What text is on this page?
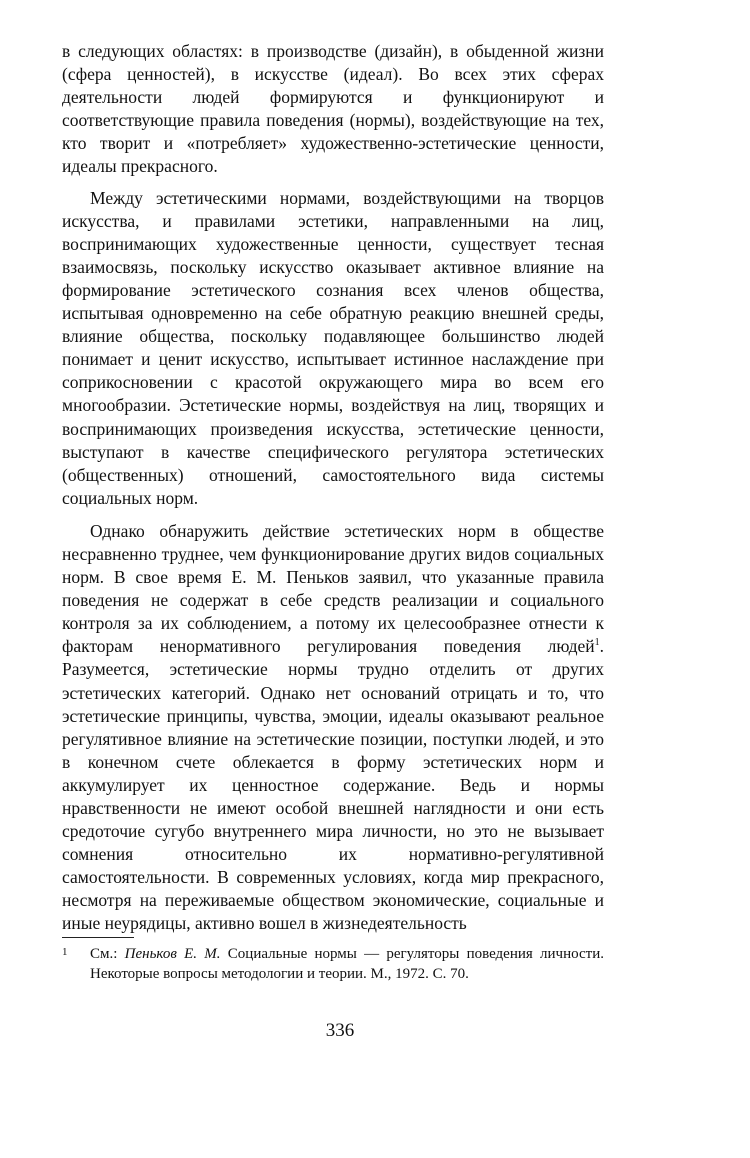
в следующих областях: в производстве (дизайн), в обыденной жизни (сфера ценностей), в искусстве (идеал). Во всех этих сферах деятельности людей формируются и функционируют и соответствующие правила поведения (нормы), воздействующие на тех, кто творит и «потребляет» художественно-эстетические ценности, идеалы прекрасного.

Между эстетическими нормами, воздействующими на творцов искусства, и правилами эстетики, направленными на лиц, воспринимающих художественные ценности, существует тесная взаимосвязь, поскольку искусство оказывает активное влияние на формирование эстетического сознания всех членов общества, испытывая одновременно на себе обратную реакцию внешней среды, влияние общества, поскольку подавляющее большинство людей понимает и ценит искусство, испытывает истинное наслаждение при соприкосновении с красотой окружающего мира во всем его многообразии. Эстетические нормы, воздействуя на лиц, творящих и воспринимающих произведения искусства, эстетические ценности, выступают в качестве специфического регулятора эстетических (общественных) отношений, самостоятельного вида системы социальных норм.

Однако обнаружить действие эстетических норм в обществе несравненно труднее, чем функционирование других видов социальных норм. В свое время Е. М. Пеньков заявил, что указанные правила поведения не содержат в себе средств реализации и социального контроля за их соблюдением, а потому их целесообразнее отнести к факторам ненормативного регулирования поведения людей$^1$. Разумеется, эстетические нормы трудно отделить от других эстетических категорий. Однако нет оснований отрицать и то, что эстетические принципы, чувства, эмоции, идеалы оказывают реальное регулятивное влияние на эстетические позиции, поступки людей, и это в конечном счете облекается в форму эстетических норм и аккумулирует их ценностное содержание. Ведь и нормы нравственности не имеют особой внешней наглядности и они есть средоточие сугубо внутреннего мира личности, но это не вызывает сомнения относительно их нормативно-регулятивной самостоятельности. В современных условиях, когда мир прекрасного, несмотря на переживаемые обществом экономические, социальные и иные неурядицы, активно вошел в жизнедеятельность

1 См.: Пеньков Е. М. Социальные нормы — регуляторы поведения личности. Некоторые вопросы методологии и теории. М., 1972. С. 70.
336
